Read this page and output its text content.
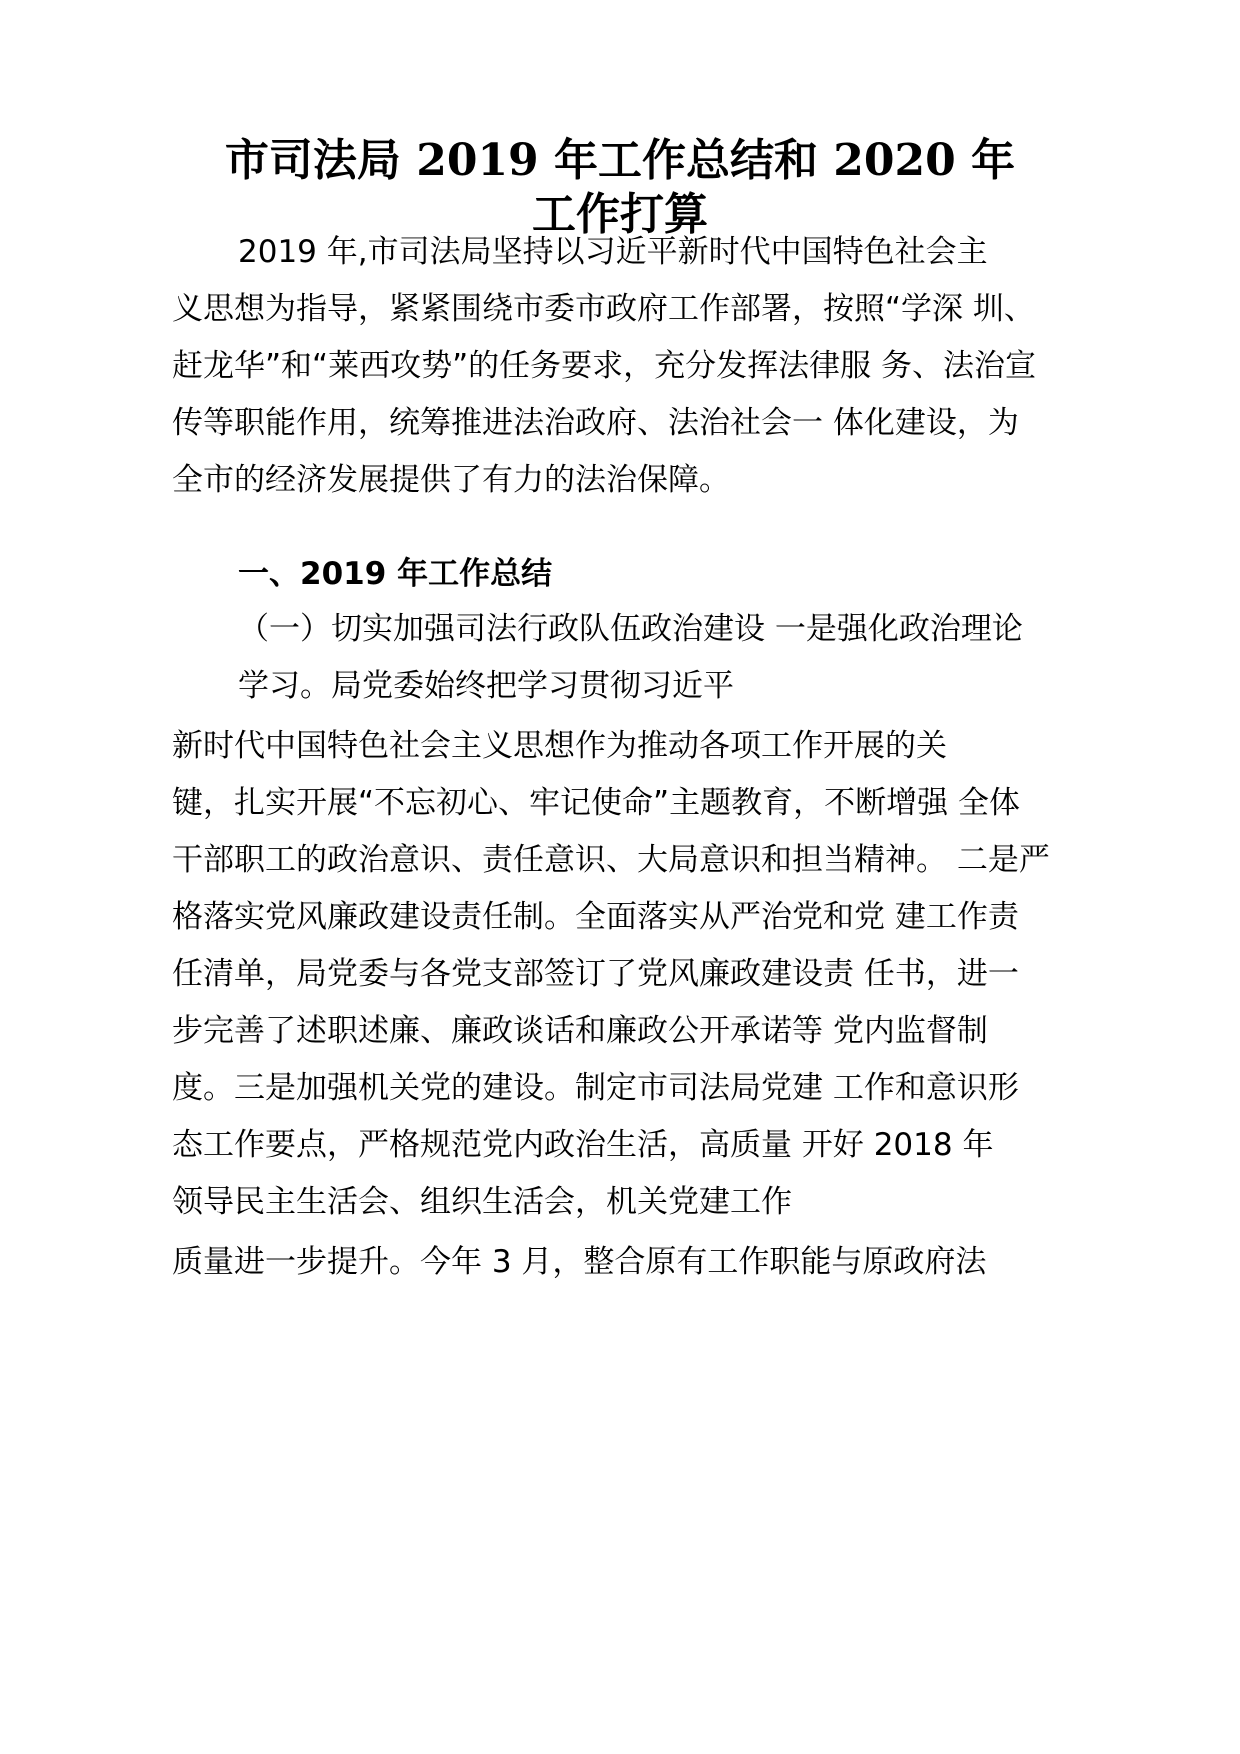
市司法局 2019 年工作总结和 2020 年
工作打算

2019 年,市司法局坚持以习近平新时代中国特色社会主

义思想为指导，紧紧围绕市委市政府工作部署，按照“学深 圳、

赶龙华”和“莱西攻势”的任务要求，充分发挥法律服 务、法治宣

传等职能作用，统筹推进法治政府、法治社会一 体化建设，为

全市的经济发展提供了有力的法治保障。

一、2019 年工作总结

（一）切实加强司法行政队伍政治建设 一是强化政治理论

学习。局党委始终把学习贯彻习近平

新时代中国特色社会主义思想作为推动各项工作开展的关

键，扎实开展“不忘初心、牢记使命”主题教育，不断增强 全体

干部职工的政治意识、责任意识、大局意识和担当精神。 二是严

格落实党风廉政建设责任制。全面落实从严治党和党 建工作责

任清单，局党委与各党支部签订了党风廉政建设责 任书，进一

步完善了述职述廉、廉政谈话和廉政公开承诺等 党内监督制

度。三是加强机关党的建设。制定市司法局党建 工作和意识形

态工作要点，严格规范党内政治生活，高质量 开好 2018 年

领导民主生活会、组织生活会，机关党建工作

质量进一步提升。今年 3 月，整合原有工作职能与原政府法
